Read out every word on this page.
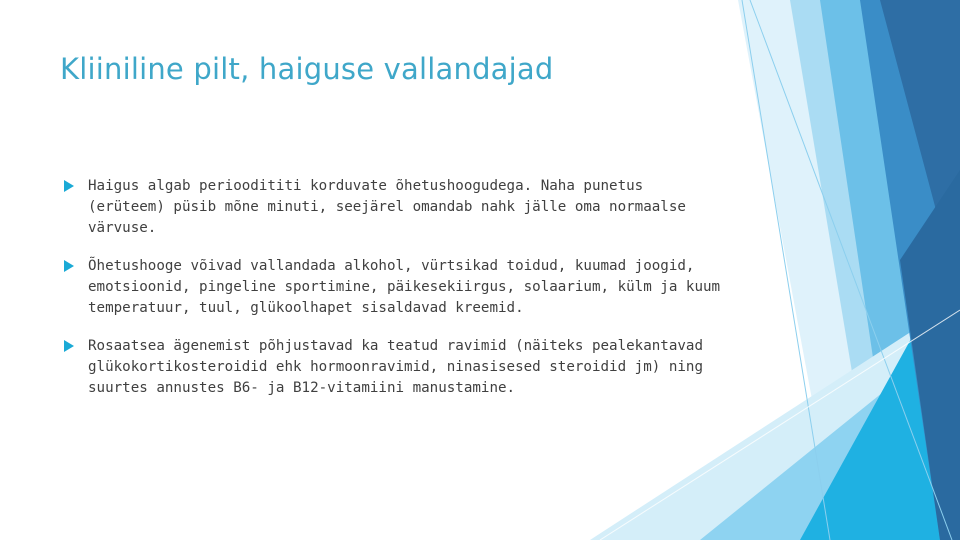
Kliiniline pilt, haiguse vallandajad
Haigus algab perioodititi korduvate õhetushoogudega. Naha punetus (erüteem) püsib mõne minuti, seejärel omandab nahk jälle oma normaalse värvuse.
Õhetushooge võivad vallandada alkohol, vürtsikad toidud, kuumad joogid, emotsioonid, pingeline sportimine, päikesekiirgus, solaarium, külm ja kuum temperatuur, tuul, glükoolhapet sisaldavad kreemid.
Rosaatsea ägenemist põhjustavad ka teatud ravimid (näiteks pealekantavad glükokortikosteroidid ehk hormoonravimid, ninasisesed steroidid jm) ning suurtes annustes B6- ja B12-vitamiini manustamine.
